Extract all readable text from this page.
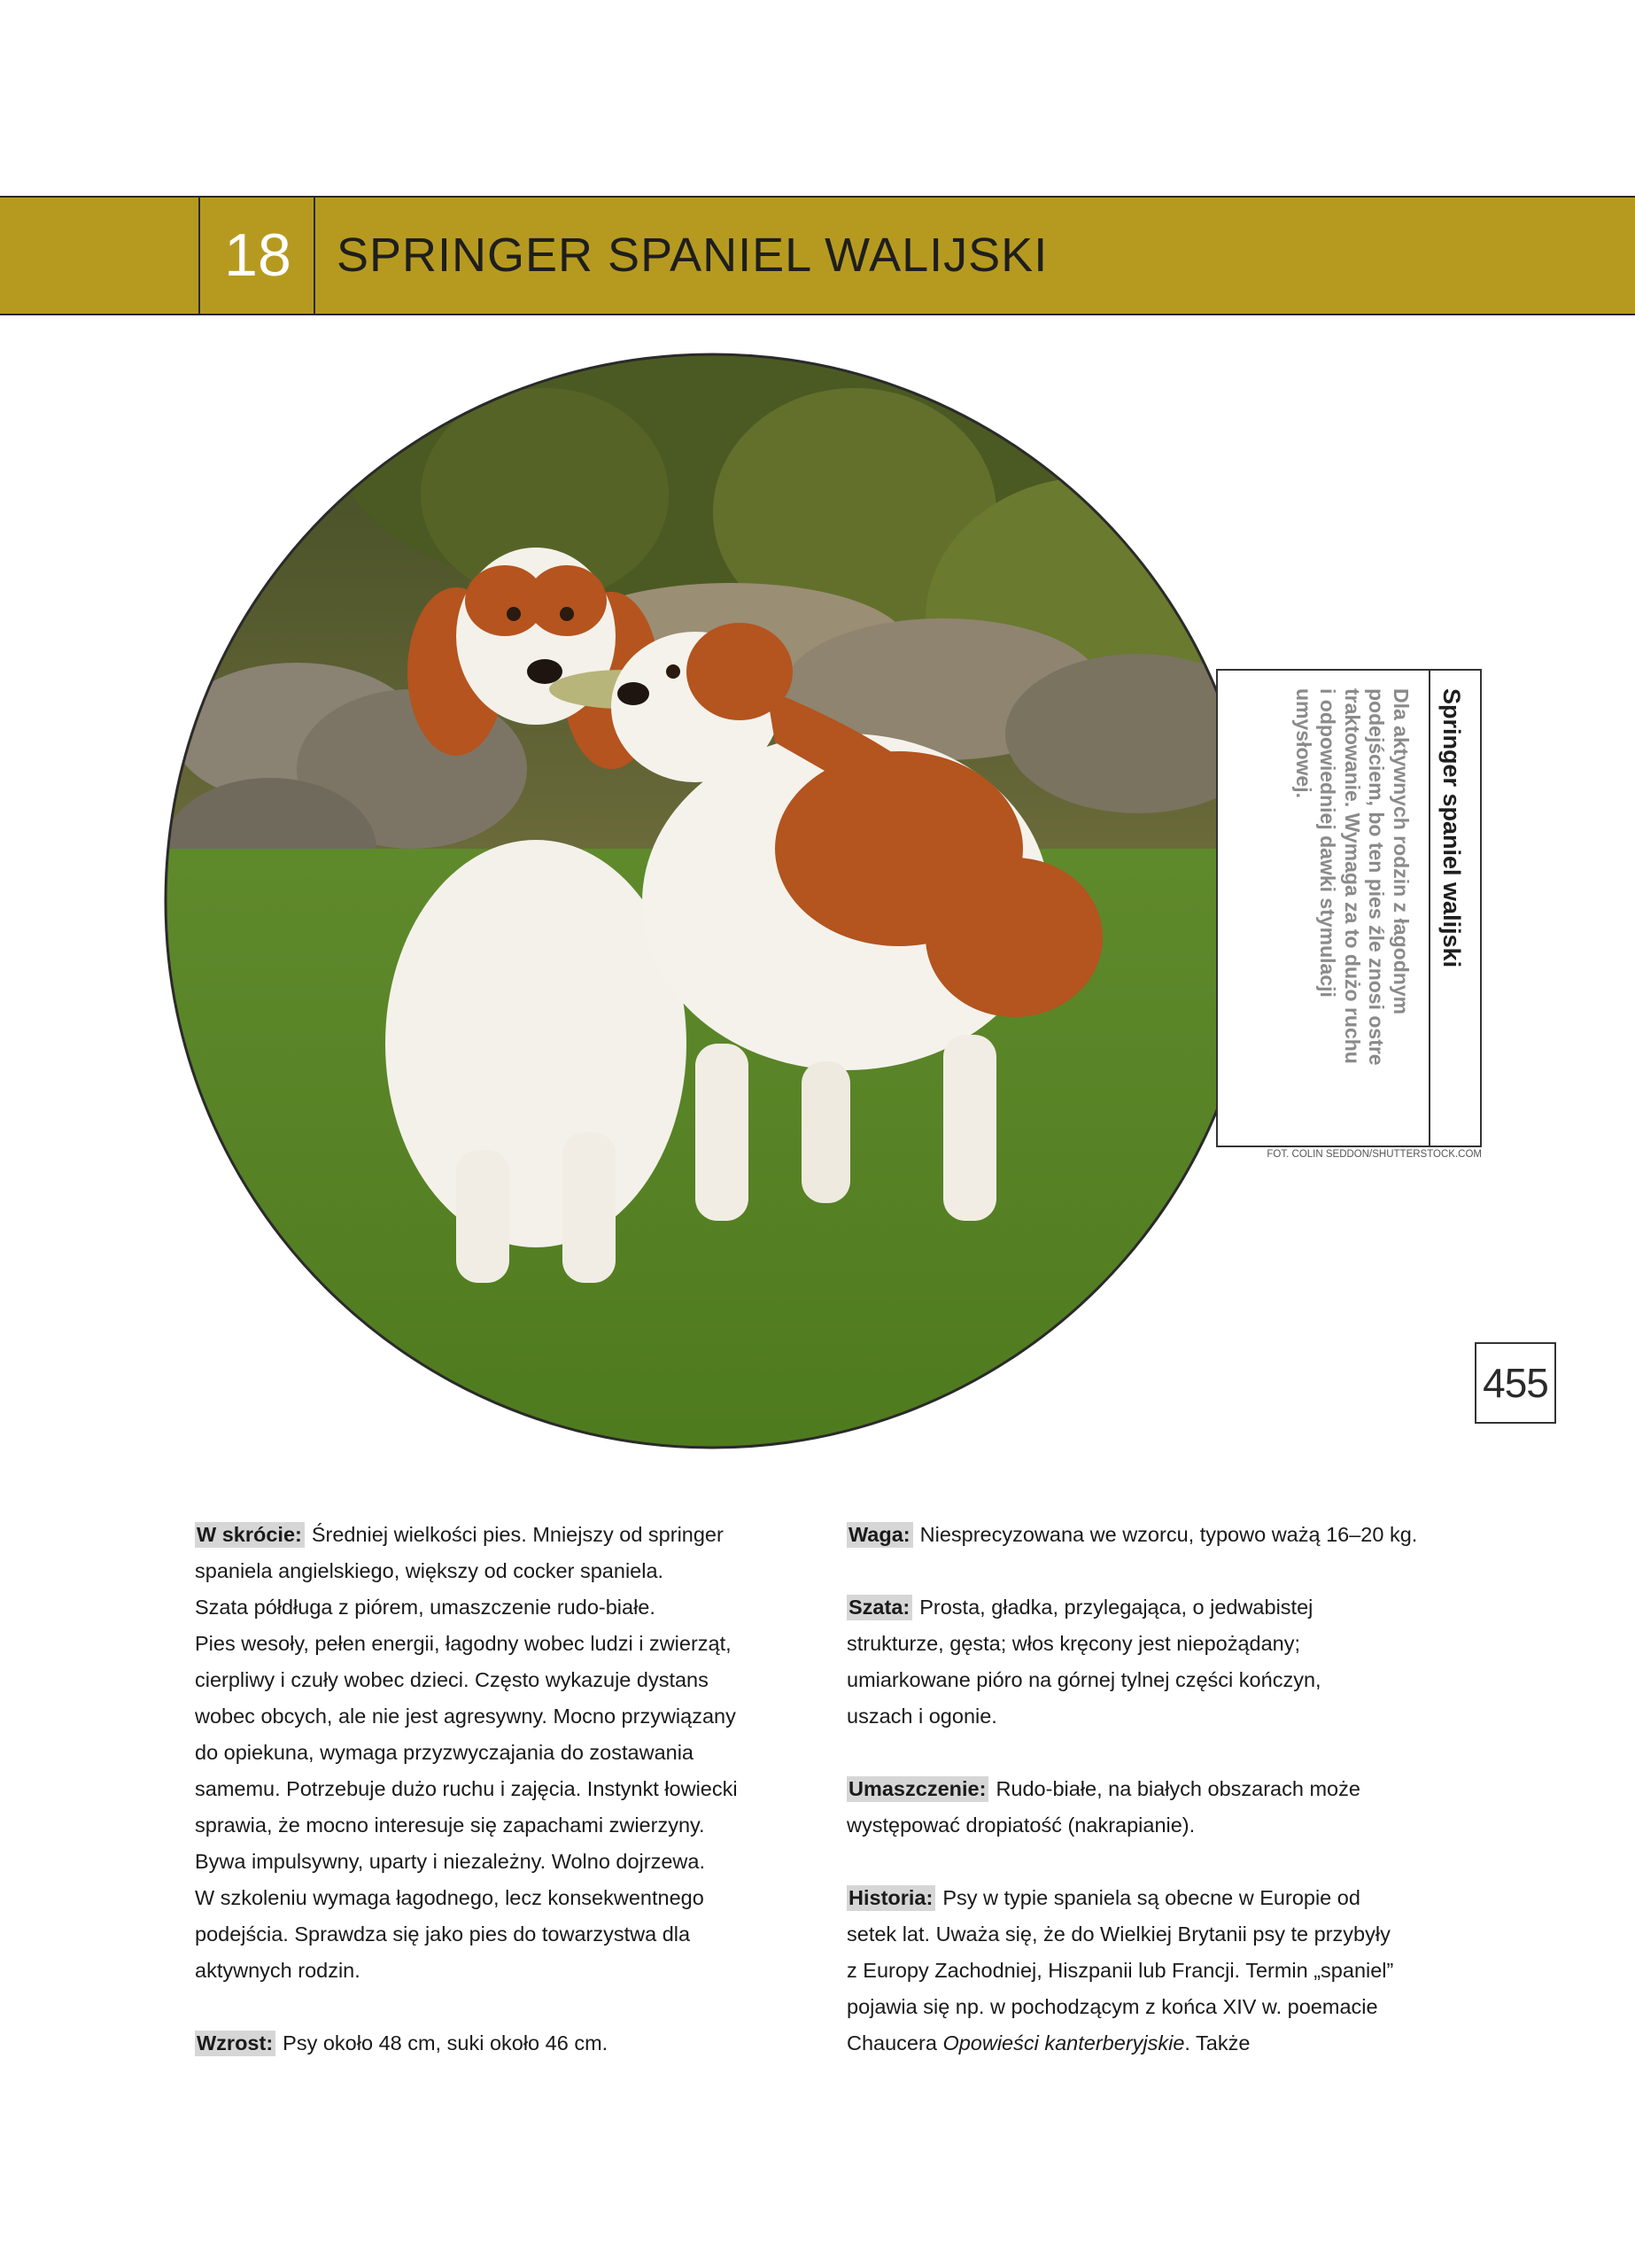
18 SPRINGER SPANIEL WALIJSKI
Springer spaniel walijski
Dla aktywnych rodzin z łagodnym
podejściem, bo ten pies źle znosi ostre
traktowanie. Wymaga za to dużo ruchu
i odpowiedniej dawki stymulacji
umysłowej.
FOT. COLIN SEDDON/SHUTTERSTOCK.COM
455
W skrócie: Średniej wielkości pies. Mniejszy od springer
spaniela angielskiego, większy od cocker spaniela.
Szata półdługa z piórem, umaszczenie rudo-białe.
Pies wesoły, pełen energii, łagodny wobec ludzi i zwierząt,
cierpliwy i czuły wobec dzieci. Często wykazuje dystans
wobec obcych, ale nie jest agresywny. Mocno przywiązany
do opiekuna, wymaga przyzwyczajania do zostawania
samemu. Potrzebuje dużo ruchu i zajęcia. Instynkt łowiecki
sprawia, że mocno interesuje się zapachami zwierzyny.
Bywa impulsywny, uparty i niezależny. Wolno dojrzewa.
W szkoleniu wymaga łagodnego, lecz konsekwentnego
podejścia. Sprawdza się jako pies do towarzystwa dla
aktywnych rodzin.
Wzrost: Psy około 48 cm, suki około 46 cm.
Waga: Niesprecyzowana we wzorcu, typowo ważą 16–20 kg.
Szata: Prosta, gładka, przylegająca, o jedwabistej
strukturze, gęsta; włos kręcony jest niepożądany;
umiarkowane pióro na górnej tylnej części kończyn,
uszach i ogonie.
Umaszczenie: Rudo-białe, na białych obszarach może
występować dropiatość (nakrapianie).
Historia: Psy w typie spaniela są obecne w Europie od
setek lat. Uważa się, że do Wielkiej Brytanii psy te przybyły
z Europy Zachodniej, Hiszpanii lub Francji. Termin „spaniel”
pojawia się np. w pochodzącym z końca XIV w. poemacie
Chaucera Opowieści kanterberyjskie. Także
